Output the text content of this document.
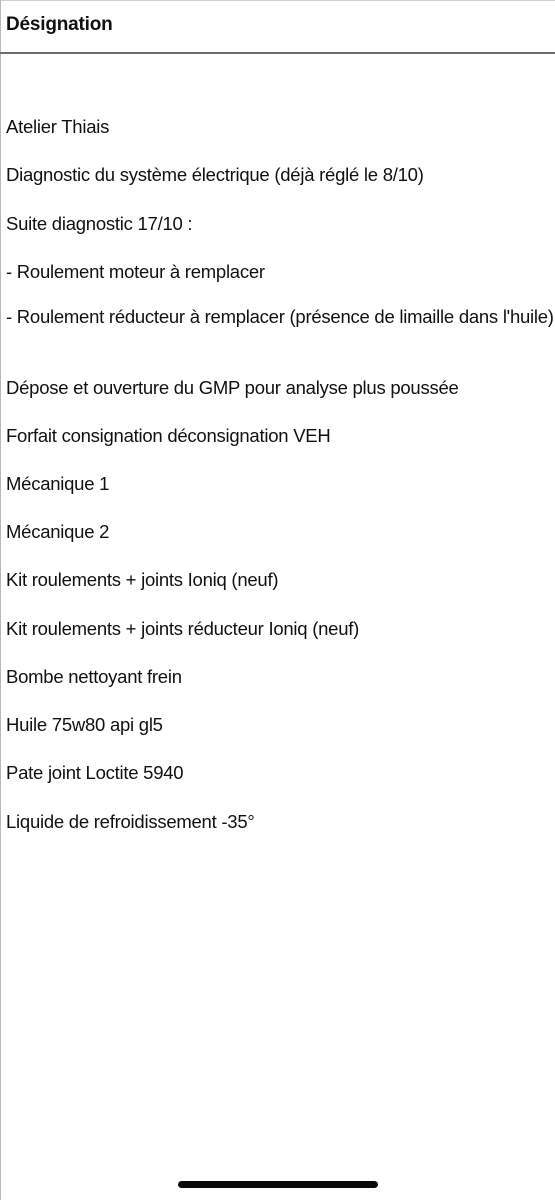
Désignation
Atelier Thiais
Diagnostic du système électrique (déjà réglé le 8/10)
Suite diagnostic 17/10 :
- Roulement moteur à remplacer
- Roulement réducteur à remplacer (présence de limaille dans l'huile)
Dépose et ouverture du GMP pour analyse plus poussée
Forfait consignation déconsignation VEH
Mécanique 1
Mécanique 2
Kit roulements + joints Ioniq (neuf)
Kit roulements + joints réducteur Ioniq (neuf)
Bombe nettoyant frein
Huile 75w80 api gl5
Pate joint Loctite 5940
Liquide de refroidissement -35°
